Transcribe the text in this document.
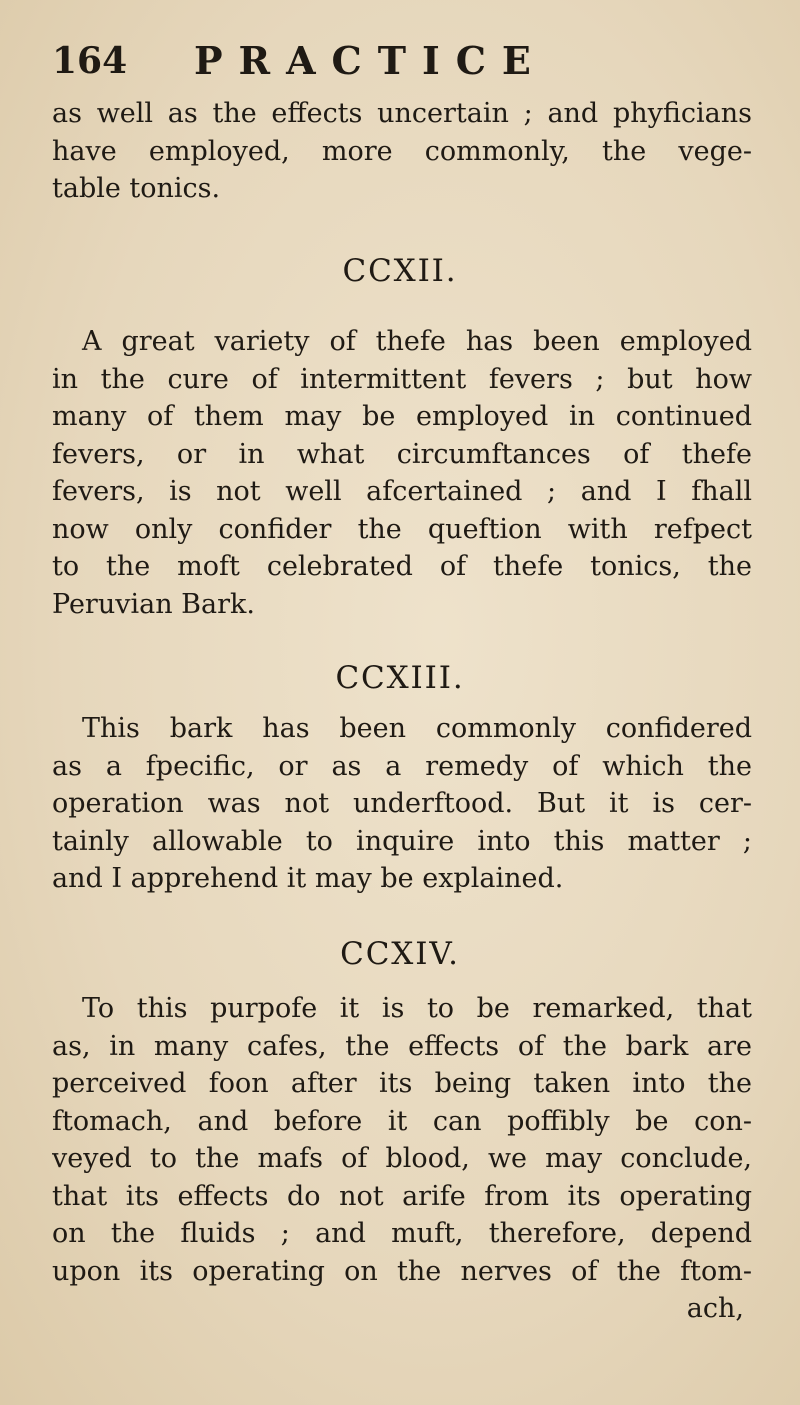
164 PRACTICE
as well as the effects uncertain ; and phyficians
have employed, more commonly, the vege-
table tonics.
CCXII.
A great variety of thefe has been employed
in the cure of intermittent fevers ; but how
many of them may be employed in continued
fevers, or in what circumftances of thefe
fevers, is not well afcertained ; and I fhall
now only confider the queftion with refpect
to the moft celebrated of thefe tonics, the
Peruvian Bark.
CCXIII.
This bark has been commonly confidered
as a fpecific, or as a remedy of which the
operation was not underftood. But it is cer-
tainly allowable to inquire into this matter ;
and I apprehend it may be explained.
CCXIV.
To this purpofe it is to be remarked, that
as, in many cafes, the effects of the bark are
perceived foon after its being taken into the
ftomach, and before it can poffibly be con-
veyed to the mafs of blood, we may conclude,
that its effects do not arife from its operating
on the fluids ; and muft, therefore, depend
upon its operating on the nerves of the ftom-
ach,
